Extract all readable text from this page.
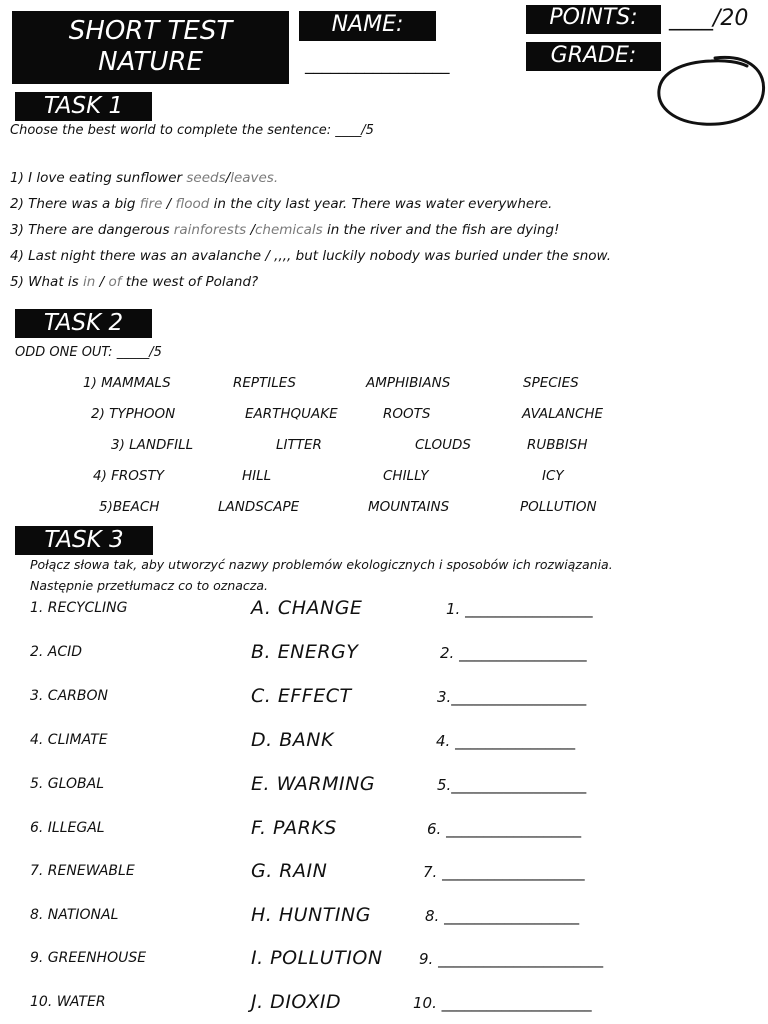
SHORT TEST
NATURE
NAME:
_________________
POINTS:	____/20
GRADE:
TASK 1
Choose the best world to complete the sentence: ____/5
1) I love eating sunflower seeds/leaves.
2) There was a big fire / flood in the city last year. There was water everywhere.
3) There are dangerous rainforests /chemicals in the river and the fish are dying!
4) Last night there was an avalanche / ,,,, but luckily nobody was buried under the snow.
5) What is in / of the west of Poland?
TASK 2
ODD ONE OUT: _____/5
1) MAMMALS	REPTILES	AMPHIBIANS	SPECIES
2) TYPHOON	EARTHQUAKE	ROOTS	AVALANCHE
3) LANDFILL	LITTER	CLOUDS	RUBBISH
4) FROSTY	HILL	CHILLY	ICY
5)BEACH	LANDSCAPE	MOUNTAINS	POLLUTION
TASK 3
Połącz słowa tak, aby utworzyć nazwy problemów ekologicznych i sposobów ich rozwiązania.
Następnie przetłumacz co to oznacza.
1. RECYCLING	A. CHANGE	1. _________________
2. ACID	B. ENERGY	2. _________________
3. CARBON	C. EFFECT	3.__________________
4. CLIMATE	D. BANK	4. ________________
5. GLOBAL	E. WARMING	5.__________________
6. ILLEGAL	F. PARKS	6. __________________
7. RENEWABLE	G. RAIN	7. ___________________
8. NATIONAL	H. HUNTING	8. __________________
9. GREENHOUSE	I. POLLUTION 9. ______________________
10. WATER	J. DIOXID	10. ____________________
